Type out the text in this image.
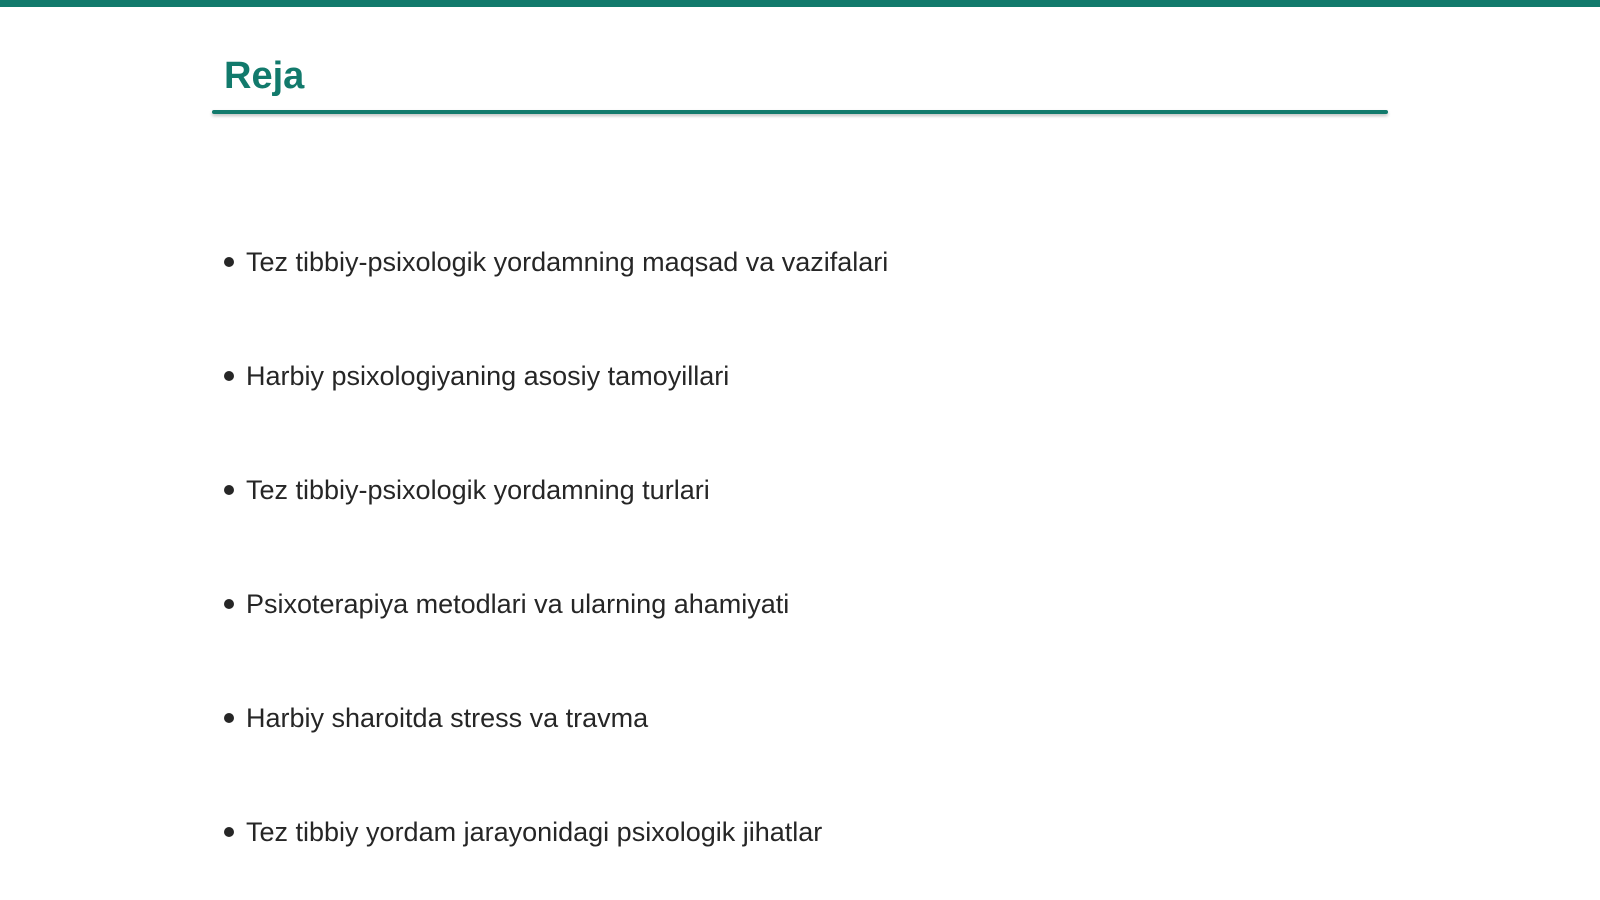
Reja
Tez tibbiy-psixologik yordamning maqsad va vazifalari
Harbiy psixologiyaning asosiy tamoyillari
Tez tibbiy-psixologik yordamning turlari
Psixoterapiya metodlari va ularning ahamiyati
Harbiy sharoitda stress va travma
Tez tibbiy yordam jarayonidagi psixologik jihatlar
